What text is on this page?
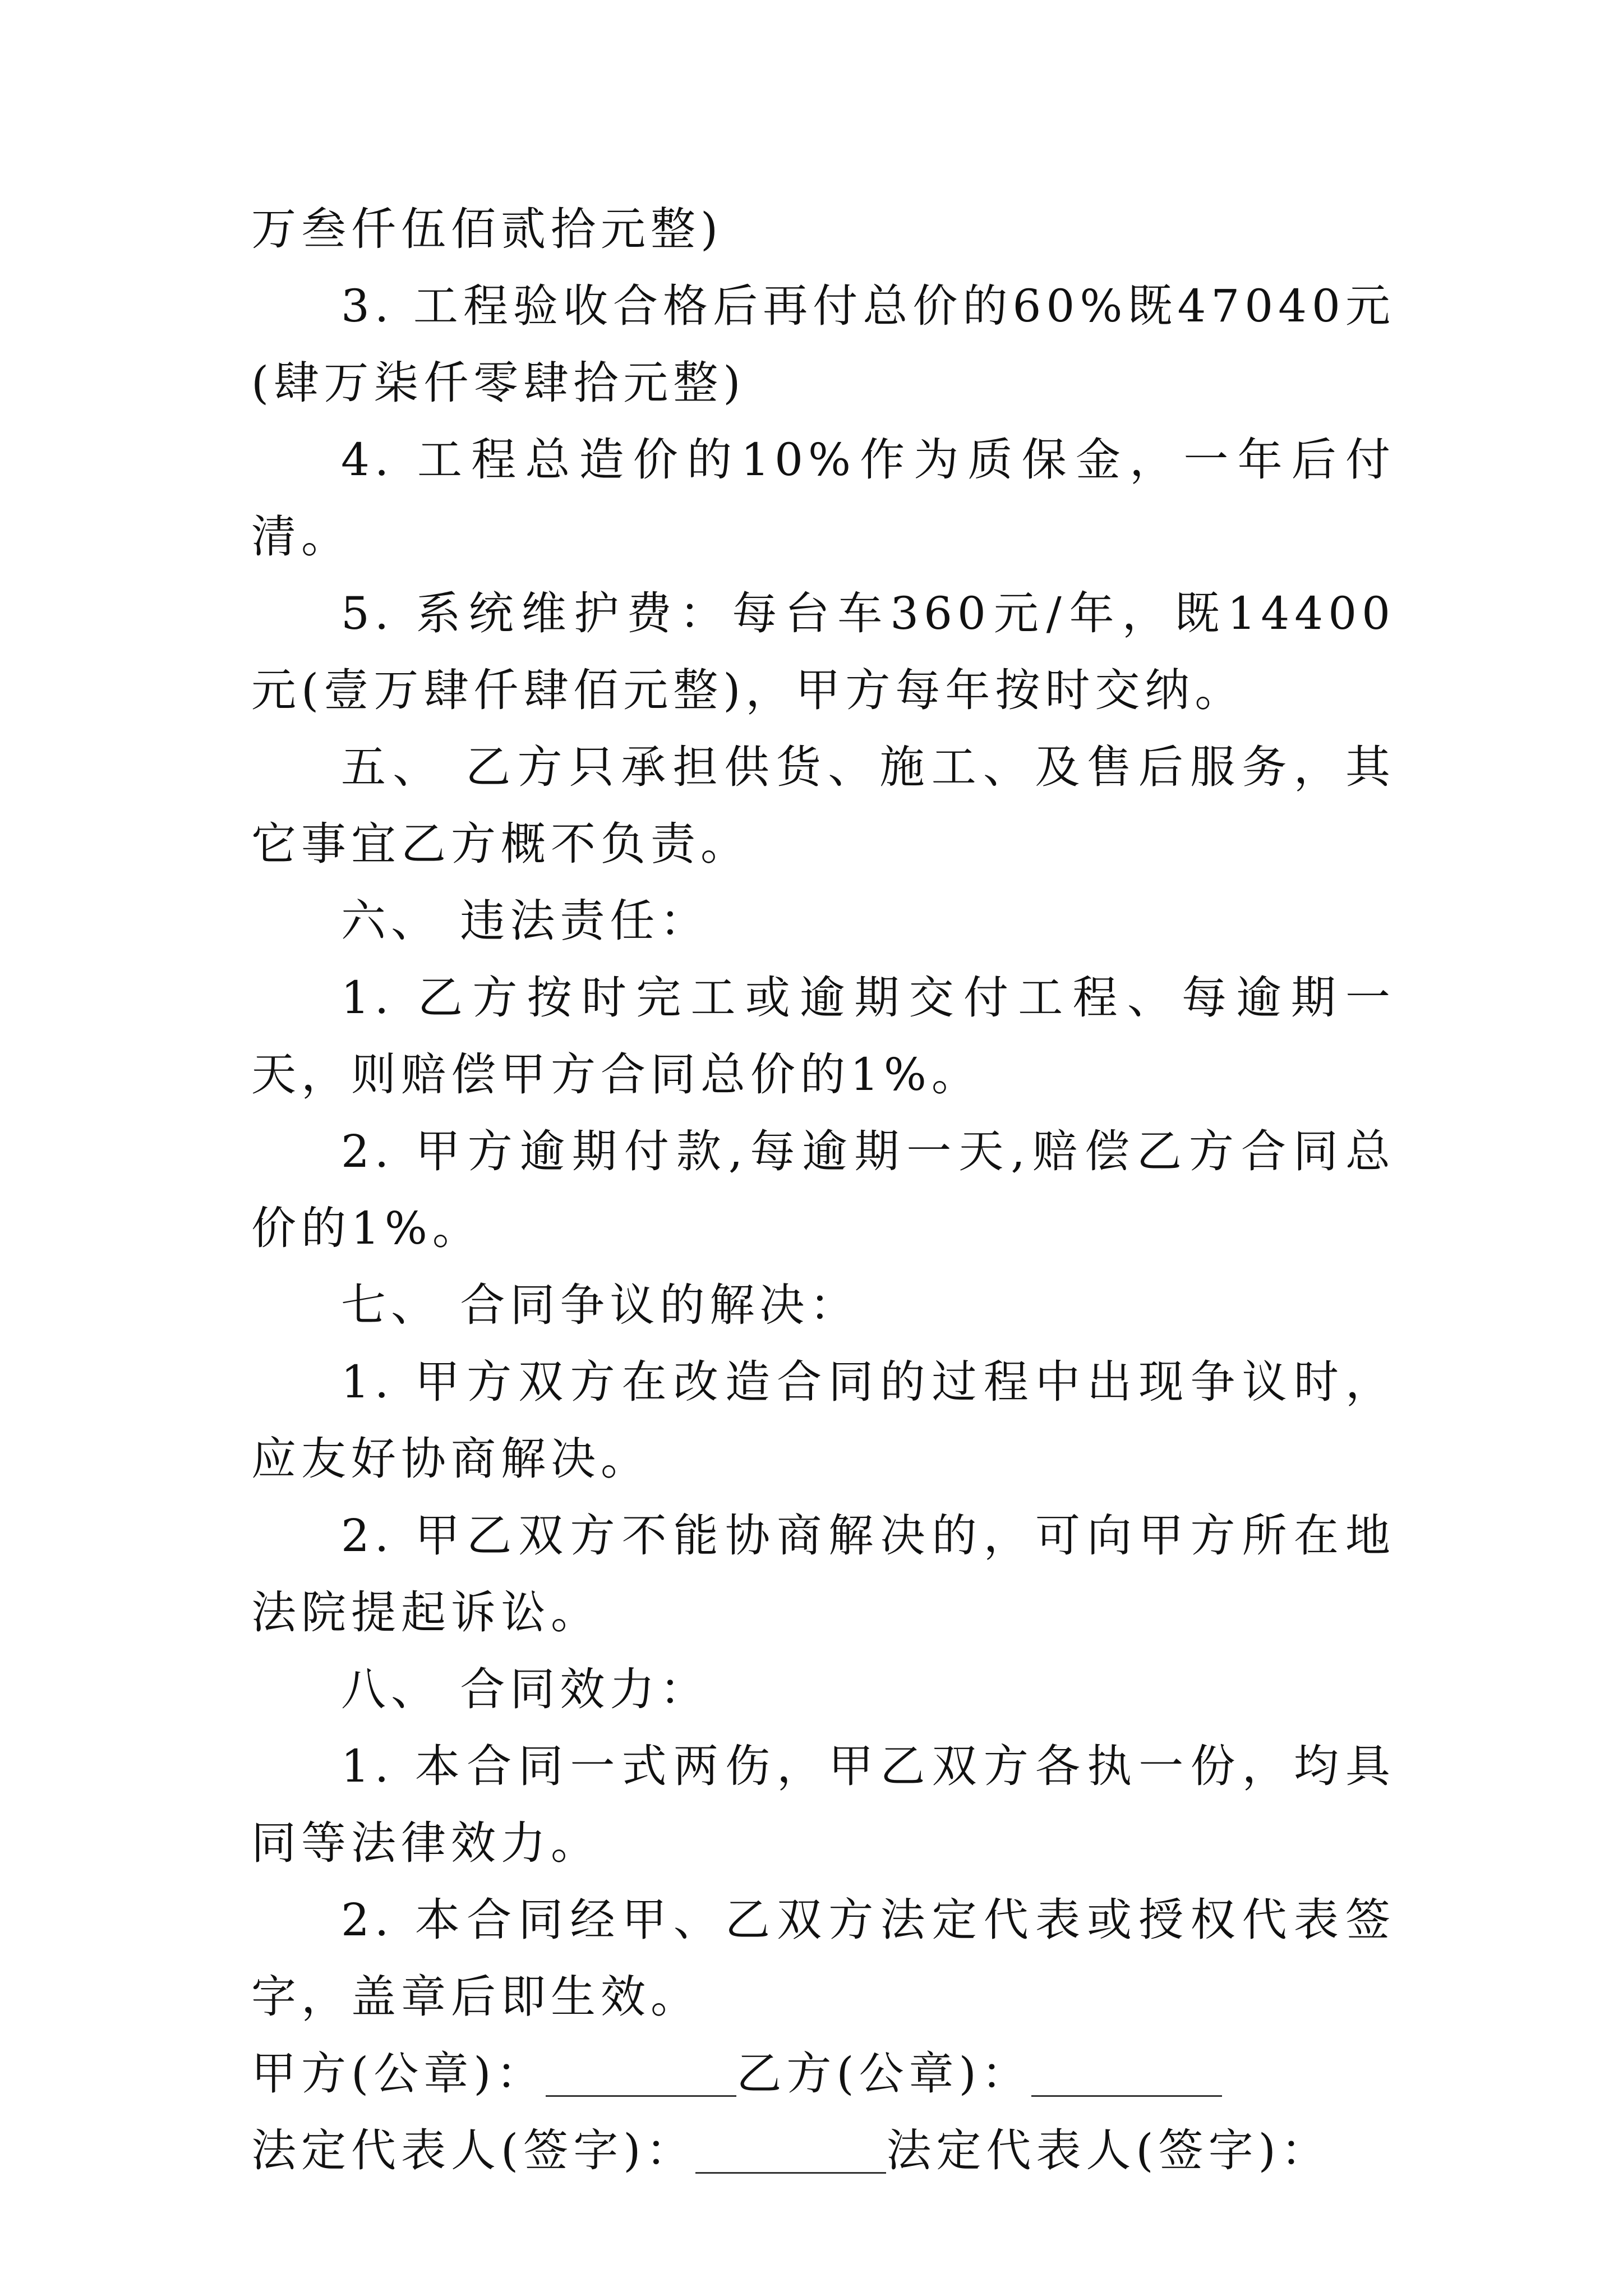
万叁仟伍佰贰拾元整)

3. 工程验收合格后再付总价的60%既47040元(肆万柒仟零肆拾元整)

4. 工程总造价的10%作为质保金，一年后付清。

5. 系统维护费：每台车360元/年，既14400元(壹万肆仟肆佰元整)，甲方每年按时交纳。

五、 乙方只承担供货、施工、及售后服务，其它事宜乙方概不负责。

六、 违法责任：

1. 乙方按时完工或逾期交付工程、每逾期一天，则赔偿甲方合同总价的1%。

2. 甲方逾期付款,每逾期一天,赔偿乙方合同总价的1%。

七、 合同争议的解决：

1. 甲方双方在改造合同的过程中出现争议时，应友好协商解决。

2. 甲乙双方不能协商解决的，可向甲方所在地法院提起诉讼。

八、 合同效力：

1. 本合同一式两伤，甲乙双方各执一份，均具同等法律效力。

2. 本合同经甲、乙双方法定代表或授权代表签字，盖章后即生效。

甲方(公章)：	乙方(公章)：

法定代表人(签字)：	法定代表人(签字)：
